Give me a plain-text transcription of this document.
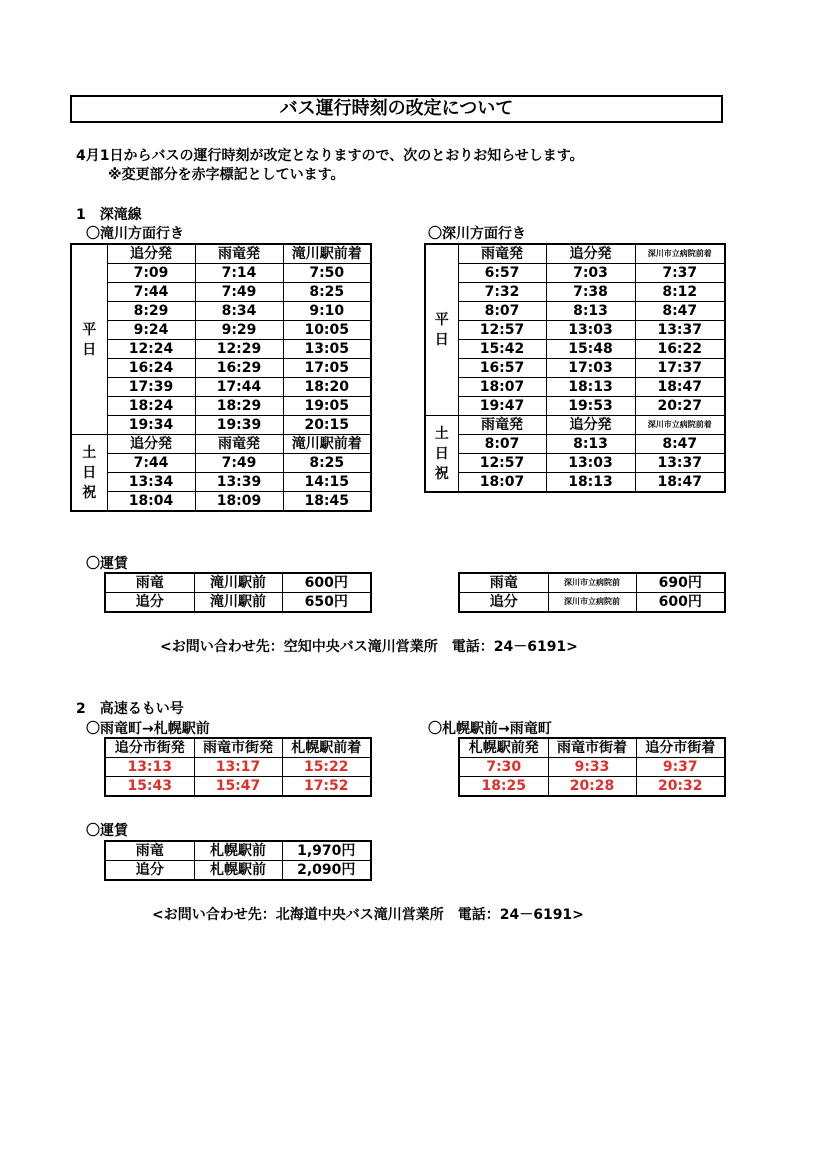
バス運行時刻の改定について
4月1日からバスの運行時刻が改定となりますので、次のとおりお知らせします。
※変更部分を赤字標記としています。
1　深滝線
〇滝川方面行き	〇深川方面行き
平
日	追分発	雨竜発	滝川駅前着
	7:09	7:14	7:50
	7:44	7:49	8:25
	8:29	8:34	9:10
	9:24	9:29	10:05
	12:24	12:29	13:05
	16:24	16:29	17:05
	17:39	17:44	18:20
	18:24	18:29	19:05
	19:34	19:39	20:15
土
日
祝	追分発	雨竜発	滝川駅前着
	7:44	7:49	8:25
	13:34	13:39	14:15
	18:04	18:09	18:45
平
日	雨竜発	追分発	深川市立病院前着
	6:57	7:03	7:37
	7:32	7:38	8:12
	8:07	8:13	8:47
	12:57	13:03	13:37
	15:42	15:48	16:22
	16:57	17:03	17:37
	18:07	18:13	18:47
	19:47	19:53	20:27
土
日
祝	雨竜発	追分発	深川市立病院前着
	8:07	8:13	8:47
	12:57	13:03	13:37
	18:07	18:13	18:47
〇運賃
雨竜	滝川駅前	600円
追分	滝川駅前	650円
雨竜	深川市立病院前	690円
追分	深川市立病院前	600円
<お問い合わせ先：空知中央バス滝川営業所　電話：24－6191>
2　高速るもい号
〇雨竜町→札幌駅前	〇札幌駅前→雨竜町
追分市街発	雨竜市街発	札幌駅前着
13:13	13:17	15:22
15:43	15:47	17:52
札幌駅前発	雨竜市街着	追分市街着
7:30	9:33	9:37
18:25	20:28	20:32
〇運賃
雨竜	札幌駅前	1,970円
追分	札幌駅前	2,090円
<お問い合わせ先：北海道中央バス滝川営業所　電話：24－6191>
